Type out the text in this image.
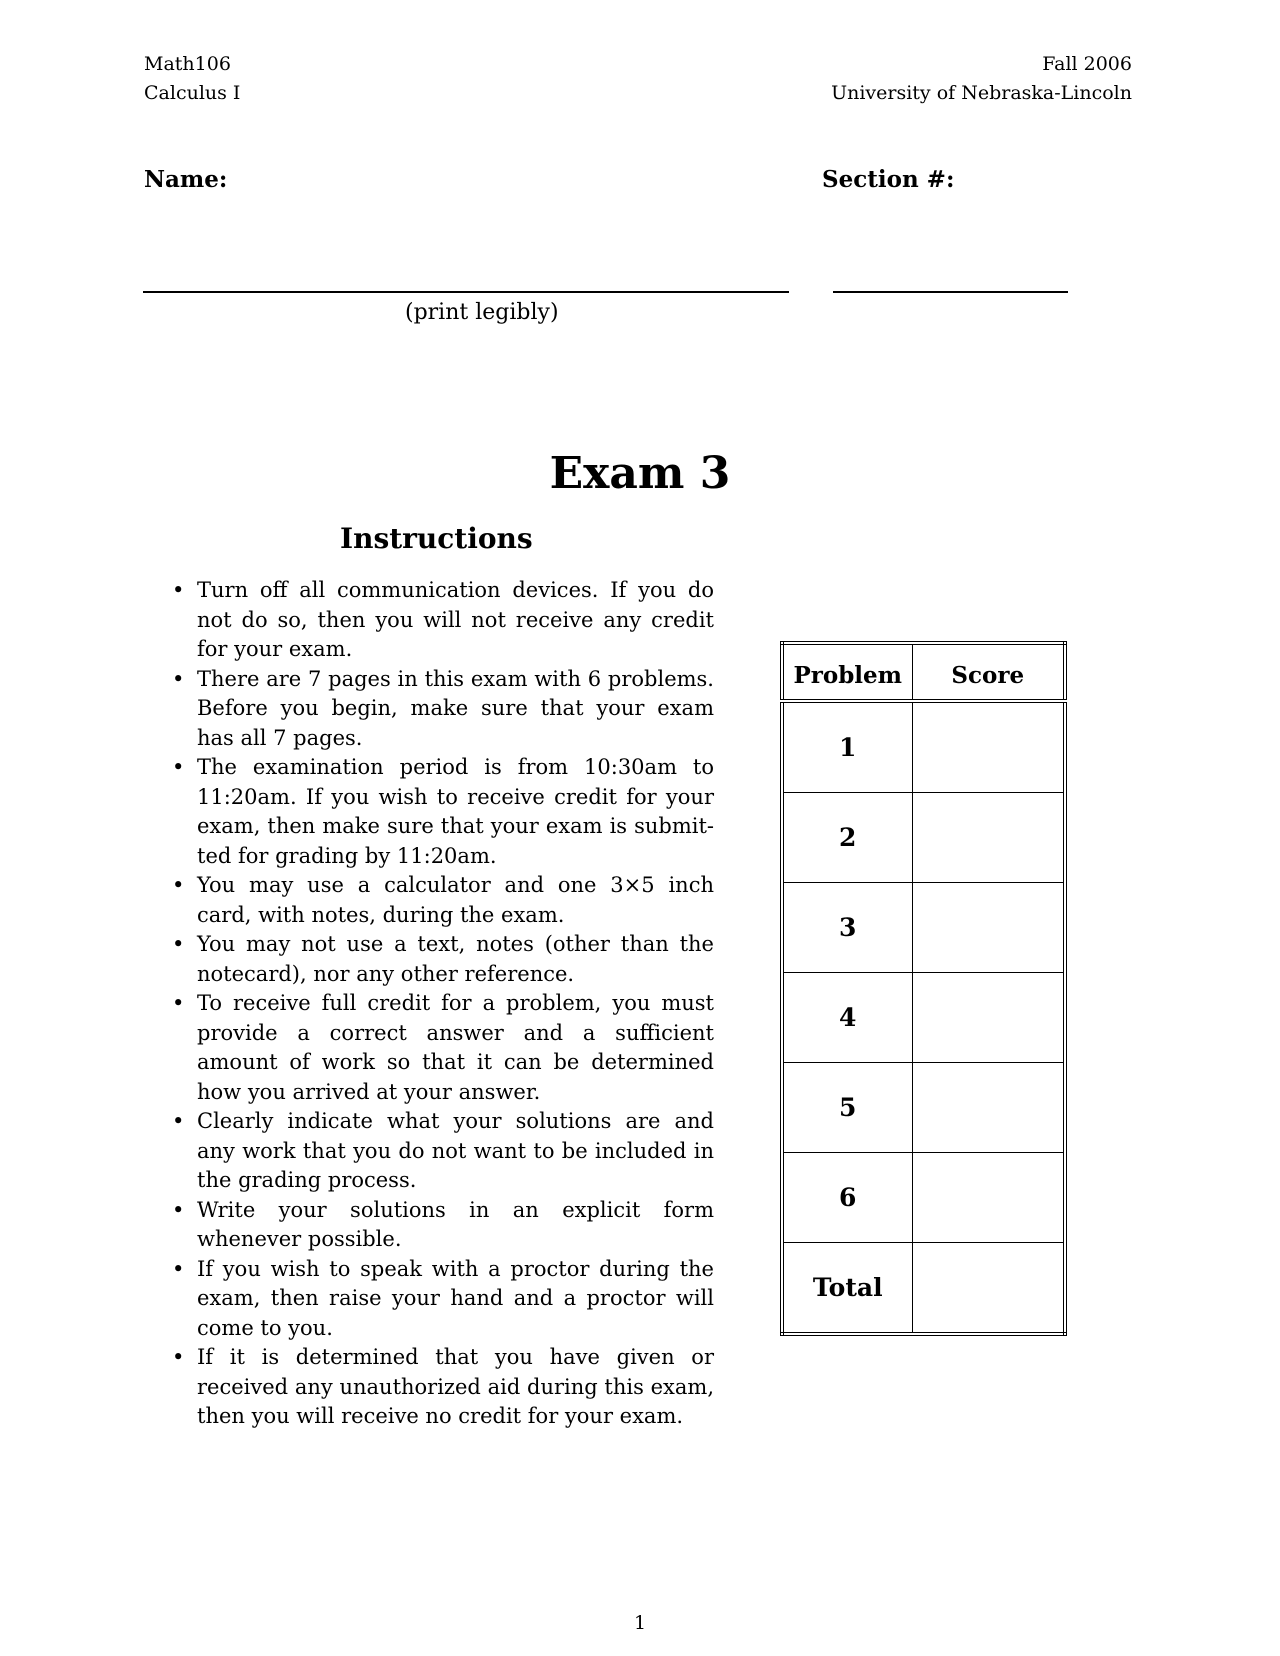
Math106
Calculus I
Fall 2006
University of Nebraska-Lincoln
Name:	Section #:
(print legibly)
Exam 3
Instructions
• Turn off all communication devices. If you do not do so, then you will not receive any credit for your exam.
• There are 7 pages in this exam with 6 problems. Before you begin, make sure that your exam has all 7 pages.
• The examination period is from 10:30am to 11:20am. If you wish to receive credit for your exam, then make sure that your exam is submit-ted for grading by 11:20am.
• You may use a calculator and one 3×5 inch card, with notes, during the exam.
• You may not use a text, notes (other than the notecard), nor any other reference.
• To receive full credit for a problem, you must provide a correct answer and a sufficient amount of work so that it can be determined how you arrived at your answer.
• Clearly indicate what your solutions are and any work that you do not want to be included in the grading process.
• Write your solutions in an explicit form whenever possible.
• If you wish to speak with a proctor during the exam, then raise your hand and a proctor will come to you.
• If it is determined that you have given or received any unauthorized aid during this exam, then you will receive no credit for your exam.
Problem	Score
1	
2	
3	
4	
5	
6	
Total	
1
